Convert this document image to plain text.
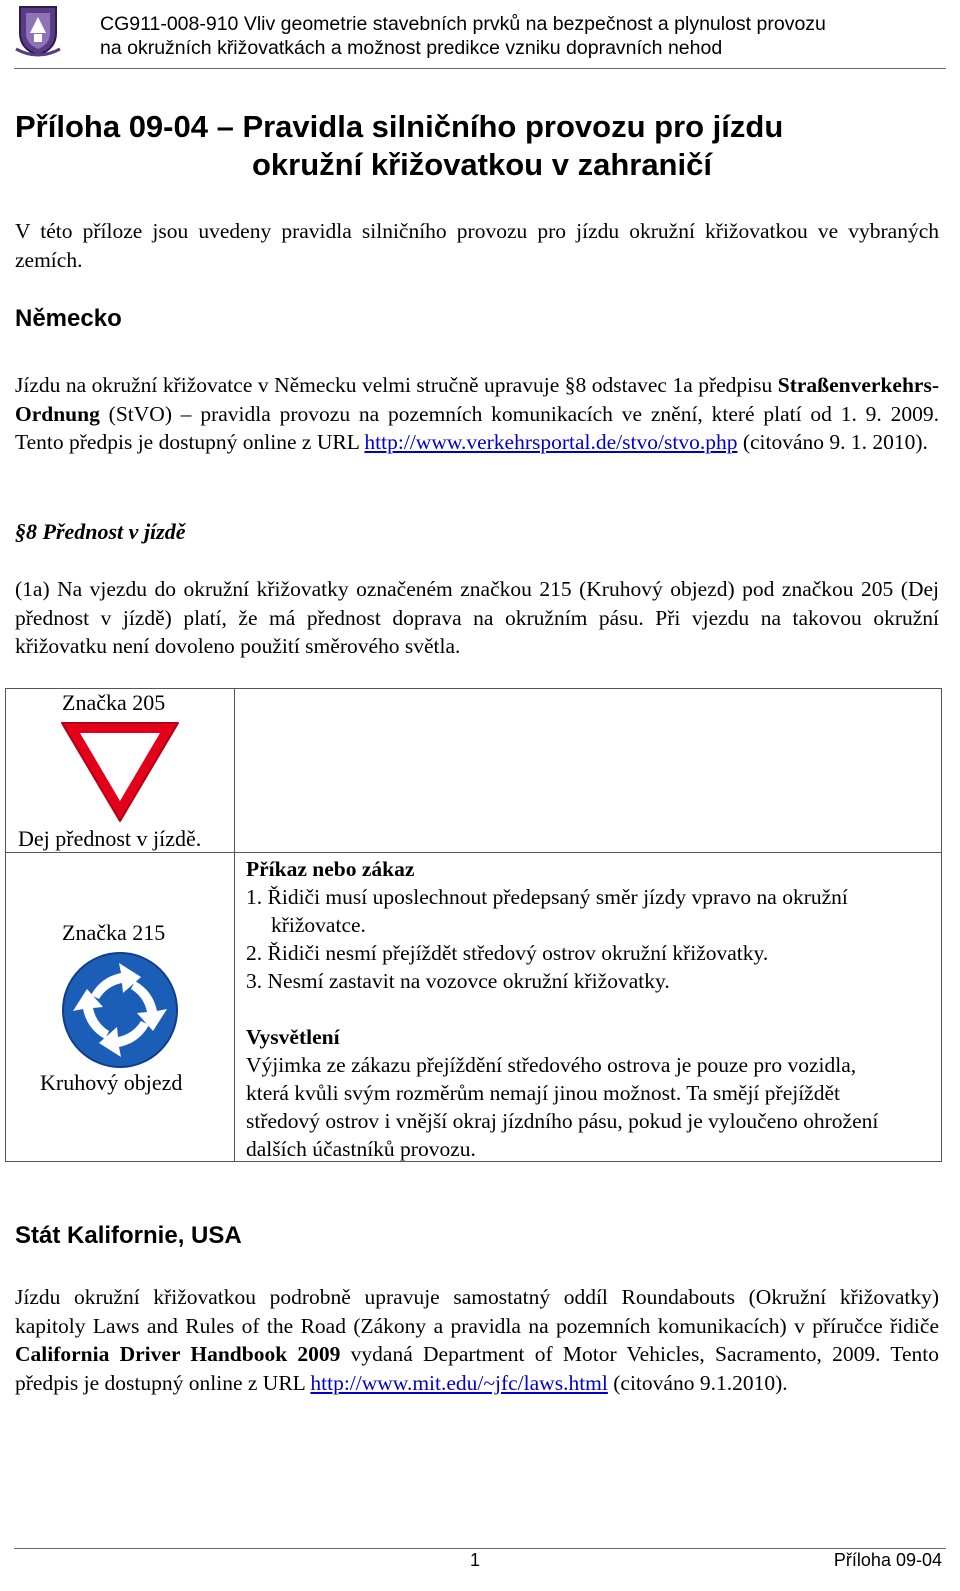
CG911-008-910 Vliv geometrie stavebních prvků na bezpečnost a plynulost provozu
na okružních křižovatkách a možnost predikce vzniku dopravních nehod
Příloha 09-04 – Pravidla silničního provozu pro jízdu
okružní křižovatkou v zahraničí
V této příloze jsou uvedeny pravidla silničního provozu pro jízdu okružní křižovatkou ve vybraných zemích.
Německo
Jízdu na okružní křižovatce v Německu velmi stručně upravuje §8 odstavec 1a předpisu Straßenverkehrs-Ordnung (StVO) – pravidla provozu na pozemních komunikacích ve znění, které platí od 1. 9. 2009. Tento předpis je dostupný online z URL http://www.verkehrsportal.de/stvo/stvo.php (citováno 9. 1. 2010).
§8 Přednost v jízdě
(1a) Na vjezdu do okružní křižovatky označeném značkou 215 (Kruhový objezd) pod značkou 205 (Dej přednost v jízdě) platí, že má přednost doprava na okružním pásu. Při vjezdu na takovou okružní křižovatku není dovoleno použití směrového světla.
Značka 205
Dej přednost v jízdě.
Značka 215
Kruhový objezd
Příkaz nebo zákaz
1. Řidiči musí uposlechnout předepsaný směr jízdy vpravo na okružní křižovatce.
2. Řidiči nesmí přejíždět středový ostrov okružní křižovatky.
3. Nesmí zastavit na vozovce okružní křižovatky.
Vysvětlení
Výjimka ze zákazu přejíždění středového ostrova je pouze pro vozidla, která kvůli svým rozměrům nemají jinou možnost. Ta smějí přejíždět středový ostrov i vnější okraj jízdního pásu, pokud je vyloučeno ohrožení dalších účastníků provozu.
Stát Kalifornie, USA
Jízdu okružní křižovatkou podrobně upravuje samostatný oddíl Roundabouts (Okružní křižovatky) kapitoly Laws and Rules of the Road (Zákony a pravidla na pozemních komunikacích) v příručce řidiče California Driver Handbook 2009 vydaná Department of Motor Vehicles, Sacramento, 2009. Tento předpis je dostupný online z URL http://www.mit.edu/~jfc/laws.html (citováno 9.1.2010).
1	Příloha 09-04
